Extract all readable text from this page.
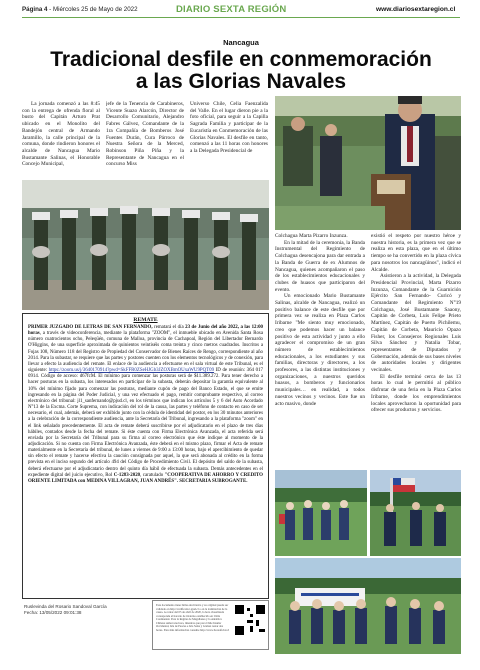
Página 4 - Miércoles 25 de Mayo de 2022	DIARIO SEXTA REGIÓN	www.diariosextaregion.cl
Nancagua
Tradicional desfile en conmemoración
a las Glorias Navales

La jornada comenzó a las 8:45 con la entrega de ofrenda floral al busto del Capitán Arturo Prat ubicado en el Monolito del Bandejón central de Armando Jaramillo, la calle principal de la comuna, donde rindieron honores el alcalde de Nancagua Mario Bustamante Salinas, el Honorable Concejo Municipal,

jefe de la Tenencia de Carabineros, Vicente Suazo Alarcón, Director de Desarrollo Comunitario, Alejandro Fabres Gálvez, Comandante de la 1ra Compañía de Bomberos José Fuentes Durán, Cura Párroco de Nuestra Señora de la Merced, Robinson Piña Piña y la Representante de Nancagua en el concurso Miss

Universo Chile, Celia Faenzalida del Valle. En el lugar dieron pie a la foto oficial, para seguir a la Capilla Sagrada Familia y participar de la Eucaristía en Conmemoración de las Glorias Navales. El desfile en tanto, comenzó a las 11 horas con honores a la Delegada Presidencial de

Colchagua Marta Pizarro Inzunza.

En la mitad de la ceremonia, la Banda Instrumental del Regimiento de Colchagua desencajona para dar entrada a la Banda de Guerra de ex Alumnos de Nancagua, quienes acompañaron el paso de los establecimientos educacionales y clubes de huasos que participaron del evento.

Un emocionado Mario Bustamante Salinas, alcalde de Nancagua, realizó un positivo balance de este desfile que por primera vez se realiza en Plaza Carlos Iribarne "Me siento muy emocionado, creo que podemos hacer un balance positivo de esta actividad y junto a ello agradecer el compromiso de un gran número de establecimientos educacionales, a los estudiantes y sus familias, directoras y directores, a los profesores, a las distintas instituciones y organizaciones, a nuestros queridos huasos, a bomberos y funcionarios municipales… en realidad, a todos nuestros vecinos y vecinos. Este fue un acto masivo, donde

existió el respeto por nuestro héroe y nuestra historia, es la primera vez que se realiza en esta plaza, que en el último tiempo se ha convertido en la plaza cívica para nosotros los nancagüinos", indicó el Alcalde.

Asistieron a la actividad, la Delegada Presidencial Provincial, Marta Pizarro Inzunza, Comandante de la Guarnición Ejército San Fernando- Curicó y Comandante del Regimiento N°19 Colchagua, José Bustamante Saaony, Capitán de Corbeta, Luis Felipe Prieto Martínez, Capitán de Puerto Pichilemu, Capitán de Corbeta, Mauricio Opazo Fisher, los Consejeros Regionales Luis Silva Sánchez y Natalia Tobar, representantes de Diputados y Gobernación, además de sus bases niveles de autoridades locales y dirigentes vecinales.

El desfile terminó cerca de las 13 horas lo cual le permitió al público disfrutar de una feria en la Plaza Carlos Iribarne, donde los emprendimientos locales aprovecharon la oportunidad para ofrecer sus productos y servicios.

REMATE
PRIMER JUZGADO DE LETRAS DE SAN FERNANDO, rematará el día 23 de Junio del año 2022, a las 12:00 horas, a través de videoconferencia, mediante la plataforma "ZOOM", el inmueble ubicado en Avenida Santa Rosa número cuatrocientos ocho, Peleqüén, comuna de Malloa, provincia de Cachapoal, Región del Libertador Bernardo O'Higgins, de una superficie aproximada de quinientos veintiséis coma treinta y cinco metros cuadrados. Inscritos a Fojas 108, Número 118 del Registro de Propiedad del Conservador de Bienes Raíces de Rengo, correspondiente al año 2014. Para la subastar, se requiere que las partes y postores cuenten con los elementos tecnológicos y de conexión, para llevar a efecto la audiencia del remate. El enlace de la audiencia a efectuarse en el sala virtual de este Tribunal, es el siguiente: https://zoom.us/j/3640170914?pwd=SkFFR0ZSeHJGb3JZOXBmOUxaWU9PQT09 ID de reunión: 364 017 0914. Código de acceso: d67fcM. El mínimo para comenzar las posturas será de $11.389.272. Para tener derecho a hacer posturas en la subasta, los interesados en participar de la subasta, deberán depositar la garantía equivalente al 10% del mínimo fijado para comenzar las posturas, mediante cupón de pago del Banco Estado, el que se emite ingresando en la página del Poder Judicial, y una vez efectuado el pago, remitir comprobante respectivo, al correo electrónico del tribunal: jl1_sanfernando@pjud.cl, en los términos que indican los artículos 5 y 6 del Auto Acordado N°13 de la Excma. Corte Suprema, con indicación del rol de la causa, las partes y teléfono de contacto en caso de ser necesario, el cual, además, deberá ser exhibido junto con la cédula de identidad del postor, en los 30 minutos anteriores a la celebración de la correspondiente audiencia, ante la Secretaría del Tribunal, ingresando a la plataforma "zoom" en el link señalado precedentemente. El acta de remate deberá suscribirse por el adjudicatario en el plazo de tres días hábiles, contados desde la fecha del remate. Si éste cuenta con Firma Electrónica Avanzada, el acta referida será enviada por la Secretaría del Tribunal para su firma al correo electrónico que éste indique al momento de la adjudicación. Si no cuenta con Firma Electrónica Avanzada, éste deberá en el mismo plazo, firmar el Acta de remate materialmente en la Secretaría del tribunal, de lunes a viernes de 9:00 a 13:00 horas, bajo el apercibimiento de quedar sin efecto el remate y hacerse efectiva la caución consignada por aquel, la que será abonada al crédito en la forma prevista en el inciso segundo del artículo 494 del Código de Procedimiento Civil. El depósito del saldo de la subasta, deberá efectuarse por el adjudicatario dentro del quinto día hábil de efectuada la subasta. Demás antecedentes en el expediente digital del juicio ejecutivo, Rol C-1283-2020, caratulado "COOPERATIVA DE AHORRO Y CREDITO ORIENTE LIMITADA con MEDINA VILLAGRAN, JUAN ANDRÉS". SECRETARIA SUBROGANTE.
Ruslevinda del Rosario Sandoval García
Fecha: 13/05/2022 09:01:38
Este documento tiene firma electrónica y su original puede ser validado en http://verificadoc.pjud.cl o en la tramitación de la causa. A contar del 05 de abril de 2020, la hora visualizada corresponde al horario de invierno establecido en Chile Continental. Para la Región de Magallanes y la Antártica Chilena sumar una hora, mientras que para Chile Insular Occidental, Isla de Pascua e Isla Salas y Gómez restar dos horas. Para más información consulte http://www.horaoficial.cl
